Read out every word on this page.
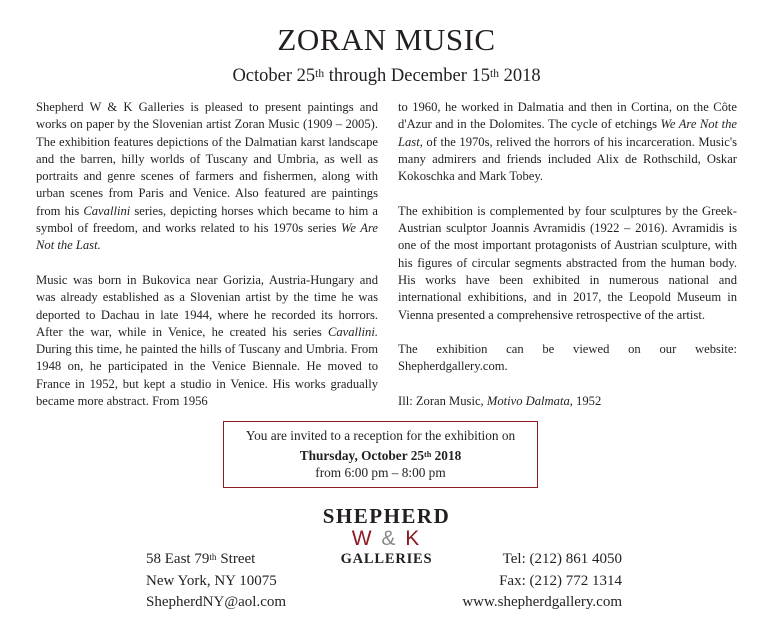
ZORAN MUSIC
October 25th through December 15th 2018

Shepherd W & K Galleries is pleased to present paintings and works on paper by the Slovenian artist Zoran Music (1909 – 2005). The exhibition features depictions of the Dalmatian karst landscape and the barren, hilly worlds of Tuscany and Umbria, as well as portraits and genre scenes of farmers and fishermen, along with urban scenes from Paris and Venice. Also featured are paintings from his Cavallini series, depicting horses which became to him a symbol of freedom, and works related to his 1970s series We Are Not the Last.

Music was born in Bukovica near Gorizia, Austria-Hungary and was already established as a Slovenian artist by the time he was deported to Dachau in late 1944, where he recorded its horrors. After the war, while in Venice, he created his series Cavallini. During this time, he painted the hills of Tuscany and Umbria. From 1948 on, he participated in the Venice Biennale. He moved to France in 1952, but kept a studio in Venice. His works gradually became more abstract. From 1956

to 1960, he worked in Dalmatia and then in Cortina, on the Côte d'Azur and in the Dolomites. The cycle of etchings We Are Not the Last, of the 1970s, relived the horrors of his incarceration. Music's many admirers and friends included Alix de Rothschild, Oskar Kokoschka and Mark Tobey.

The exhibition is complemented by four sculptures by the Greek-Austrian sculptor Joannis Avramidis (1922 – 2016). Avramidis is one of the most important protagonists of Austrian sculpture, with his figures of circular segments abstracted from the human body. His works have been exhibited in numerous national and international exhibitions, and in 2017, the Leopold Museum in Vienna presented a comprehensive retrospective of the artist.

The exhibition can be viewed on our website: Shepherdgallery.com.

Ill: Zoran Music, Motivo Dalmata, 1952

You are invited to a reception for the exhibition on
Thursday, October 25th 2018
from 6:00 pm – 8:00 pm
SHEPHERD
W & K
GALLERIES
58 East 79th Street
New York, NY 10075
ShepherdNY@aol.com
Tel: (212) 861 4050
Fax: (212) 772 1314
www.shepherdgallery.com
